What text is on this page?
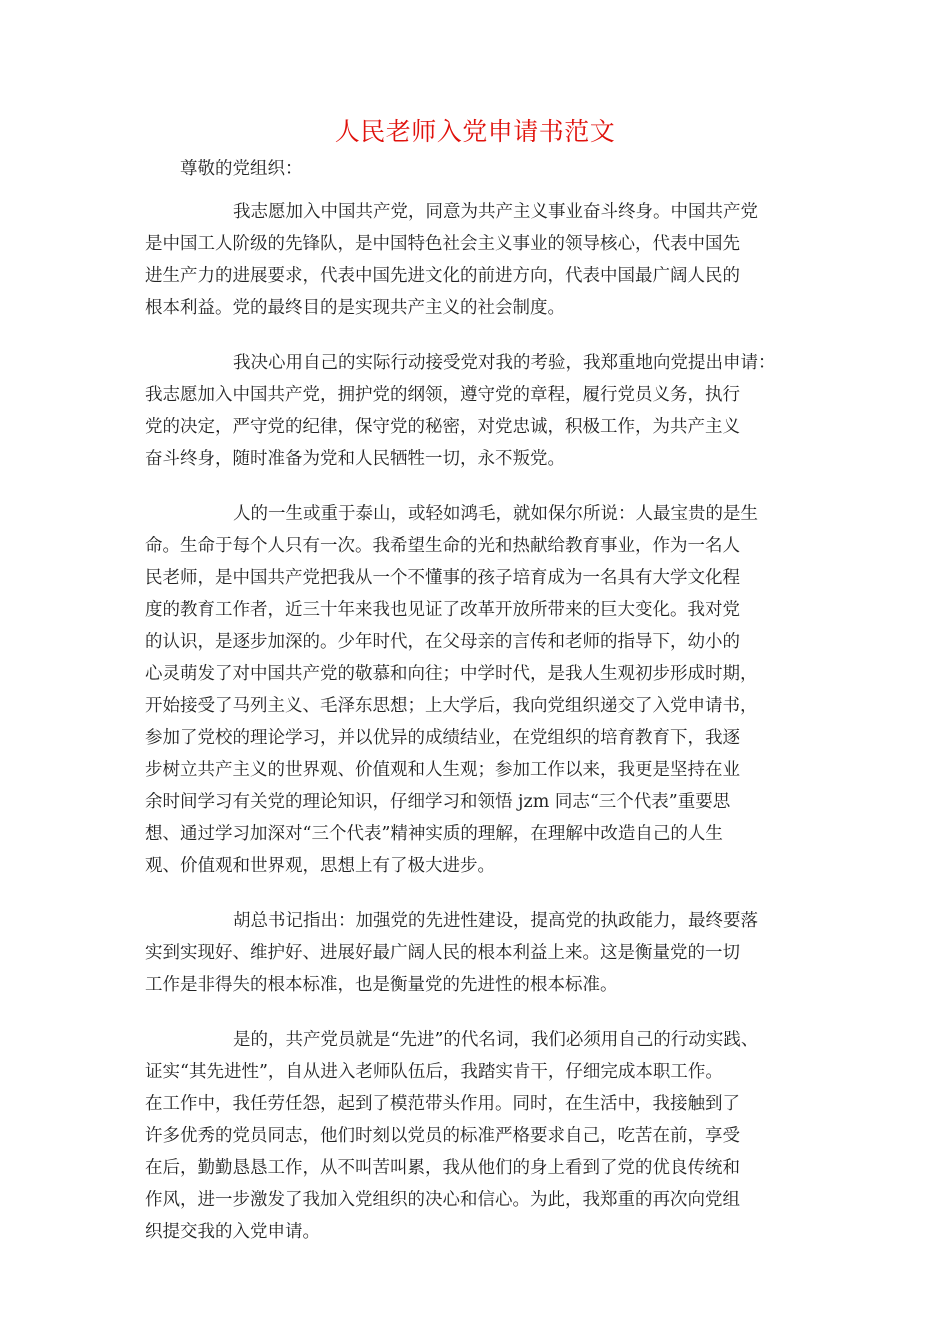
人民老师入党申请书范文
尊敬的党组织：
我志愿加入中国共产党，同意为共产主义事业奋斗终身。中国共产党
是中国工人阶级的先锋队，是中国特色社会主义事业的领导核心，代表中国先
进生产力的进展要求，代表中国先进文化的前进方向，代表中国最广阔人民的
根本利益。党的最终目的是实现共产主义的社会制度。
我决心用自己的实际行动接受党对我的考验，我郑重地向党提出申请：
我志愿加入中国共产党，拥护党的纲领，遵守党的章程，履行党员义务，执行
党的决定，严守党的纪律，保守党的秘密，对党忠诚，积极工作，为共产主义
奋斗终身，随时准备为党和人民牺牲一切，永不叛党。
人的一生或重于泰山，或轻如鸿毛，就如保尔所说：人最宝贵的是生
命。生命于每个人只有一次。我希望生命的光和热献给教育事业，作为一名人
民老师，是中国共产党把我从一个不懂事的孩子培育成为一名具有大学文化程
度的教育工作者，近三十年来我也见证了改革开放所带来的巨大变化。我对党
的认识，是逐步加深的。少年时代，在父母亲的言传和老师的指导下，幼小的
心灵萌发了对中国共产党的敬慕和向往；中学时代，是我人生观初步形成时期，
开始接受了马列主义、毛泽东思想；上大学后，我向党组织递交了入党申请书，
参加了党校的理论学习，并以优异的成绩结业，在党组织的培育教育下，我逐
步树立共产主义的世界观、价值观和人生观；参加工作以来，我更是坚持在业
余时间学习有关党的理论知识，仔细学习和领悟 jzm 同志“三个代表”重要思
想、通过学习加深对“三个代表”精神实质的理解，在理解中改造自己的人生
观、价值观和世界观，思想上有了极大进步。
胡总书记指出：加强党的先进性建设，提高党的执政能力，最终要落
实到实现好、维护好、进展好最广阔人民的根本利益上来。这是衡量党的一切
工作是非得失的根本标准，也是衡量党的先进性的根本标准。
是的，共产党员就是“先进”的代名词，我们必须用自己的行动实践、
证实“其先进性”，自从进入老师队伍后，我踏实肯干，仔细完成本职工作。
在工作中，我任劳任怨，起到了模范带头作用。同时，在生活中，我接触到了
许多优秀的党员同志，他们时刻以党员的标准严格要求自己，吃苦在前，享受
在后，勤勤恳恳工作，从不叫苦叫累，我从他们的身上看到了党的优良传统和
作风，进一步激发了我加入党组织的决心和信心。为此，我郑重的再次向党组
织提交我的入党申请。
